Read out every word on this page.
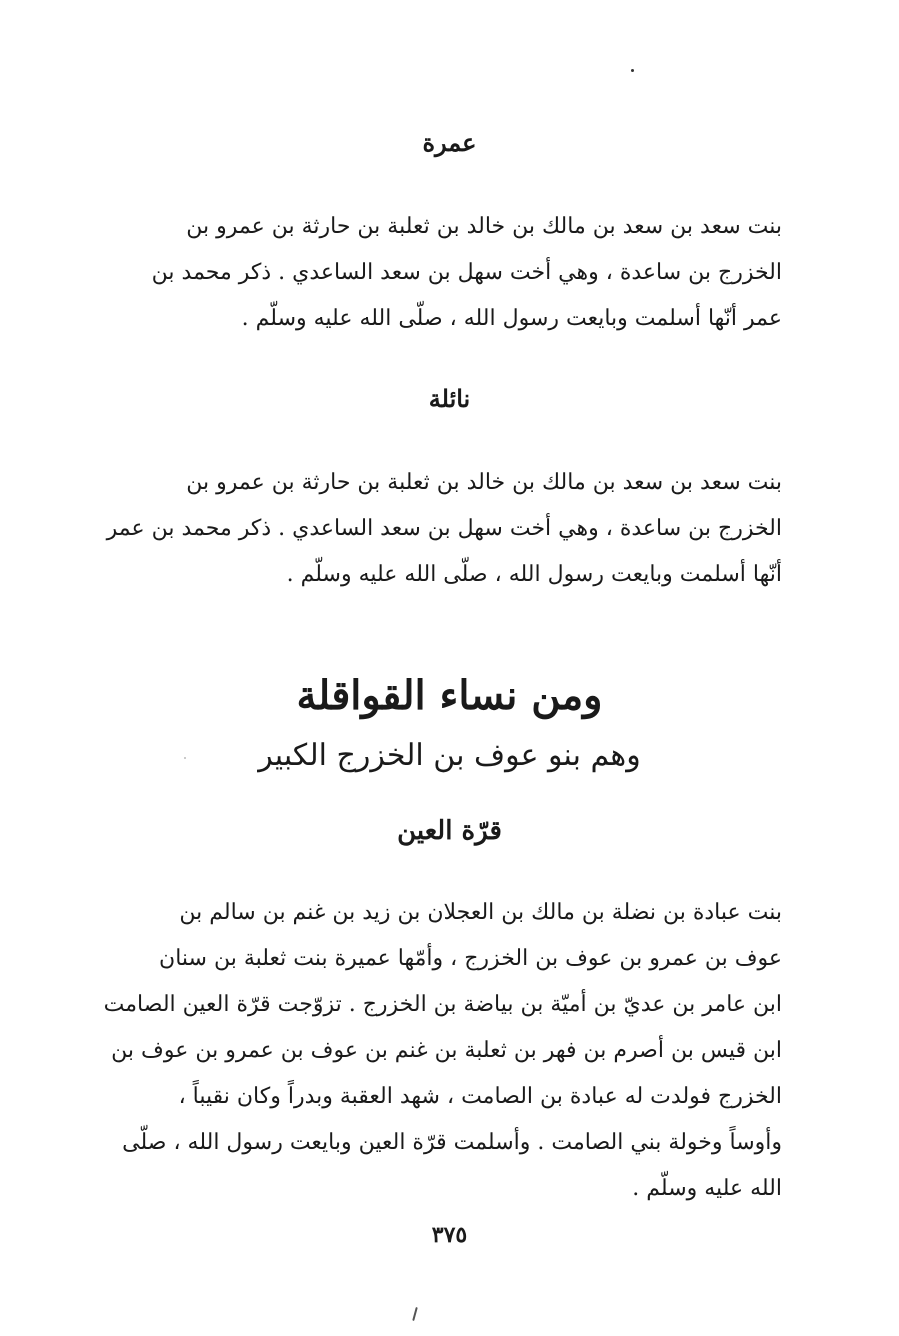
عمرة
بنت سعد بن سعد بن مالك بن خالد بن ثعلبة بن حارثة بن عمرو بن
الخزرج بن ساعدة ، وهي أخت سهل بن سعد الساعدي . ذكر محمد بن
عمر أنّها أسلمت وبايعت رسول الله ، صلّى الله عليه وسلّم .
نائلة
بنت سعد بن سعد بن مالك بن خالد بن ثعلبة بن حارثة بن عمرو بن
الخزرج بن ساعدة ، وهي أخت سهل بن سعد الساعدي . ذكر محمد بن عمر
أنّها أسلمت وبايعت رسول الله ، صلّى الله عليه وسلّم .
ومن نساء القواقلة
وهم بنو عوف بن الخزرج الكبير
قرّة العين
بنت عبادة بن نضلة بن مالك بن العجلان بن زيد بن غنم بن سالم بن
عوف بن عمرو بن عوف بن الخزرج ، وأمّها عميرة بنت ثعلبة بن سنان
ابن عامر بن عديّ بن أميّة بن بياضة بن الخزرج . تزوّجت قرّة العين الصامت
ابن قيس بن أصرم بن فهر بن ثعلبة بن غنم بن عوف بن عمرو بن عوف بن
الخزرج فولدت له عبادة بن الصامت ، شهد العقبة وبدراً وكان نقيباً ،
وأوساً وخولة بني الصامت . وأسلمت قرّة العين وبايعت رسول الله ، صلّى
الله عليه وسلّم .
٣٧٥
